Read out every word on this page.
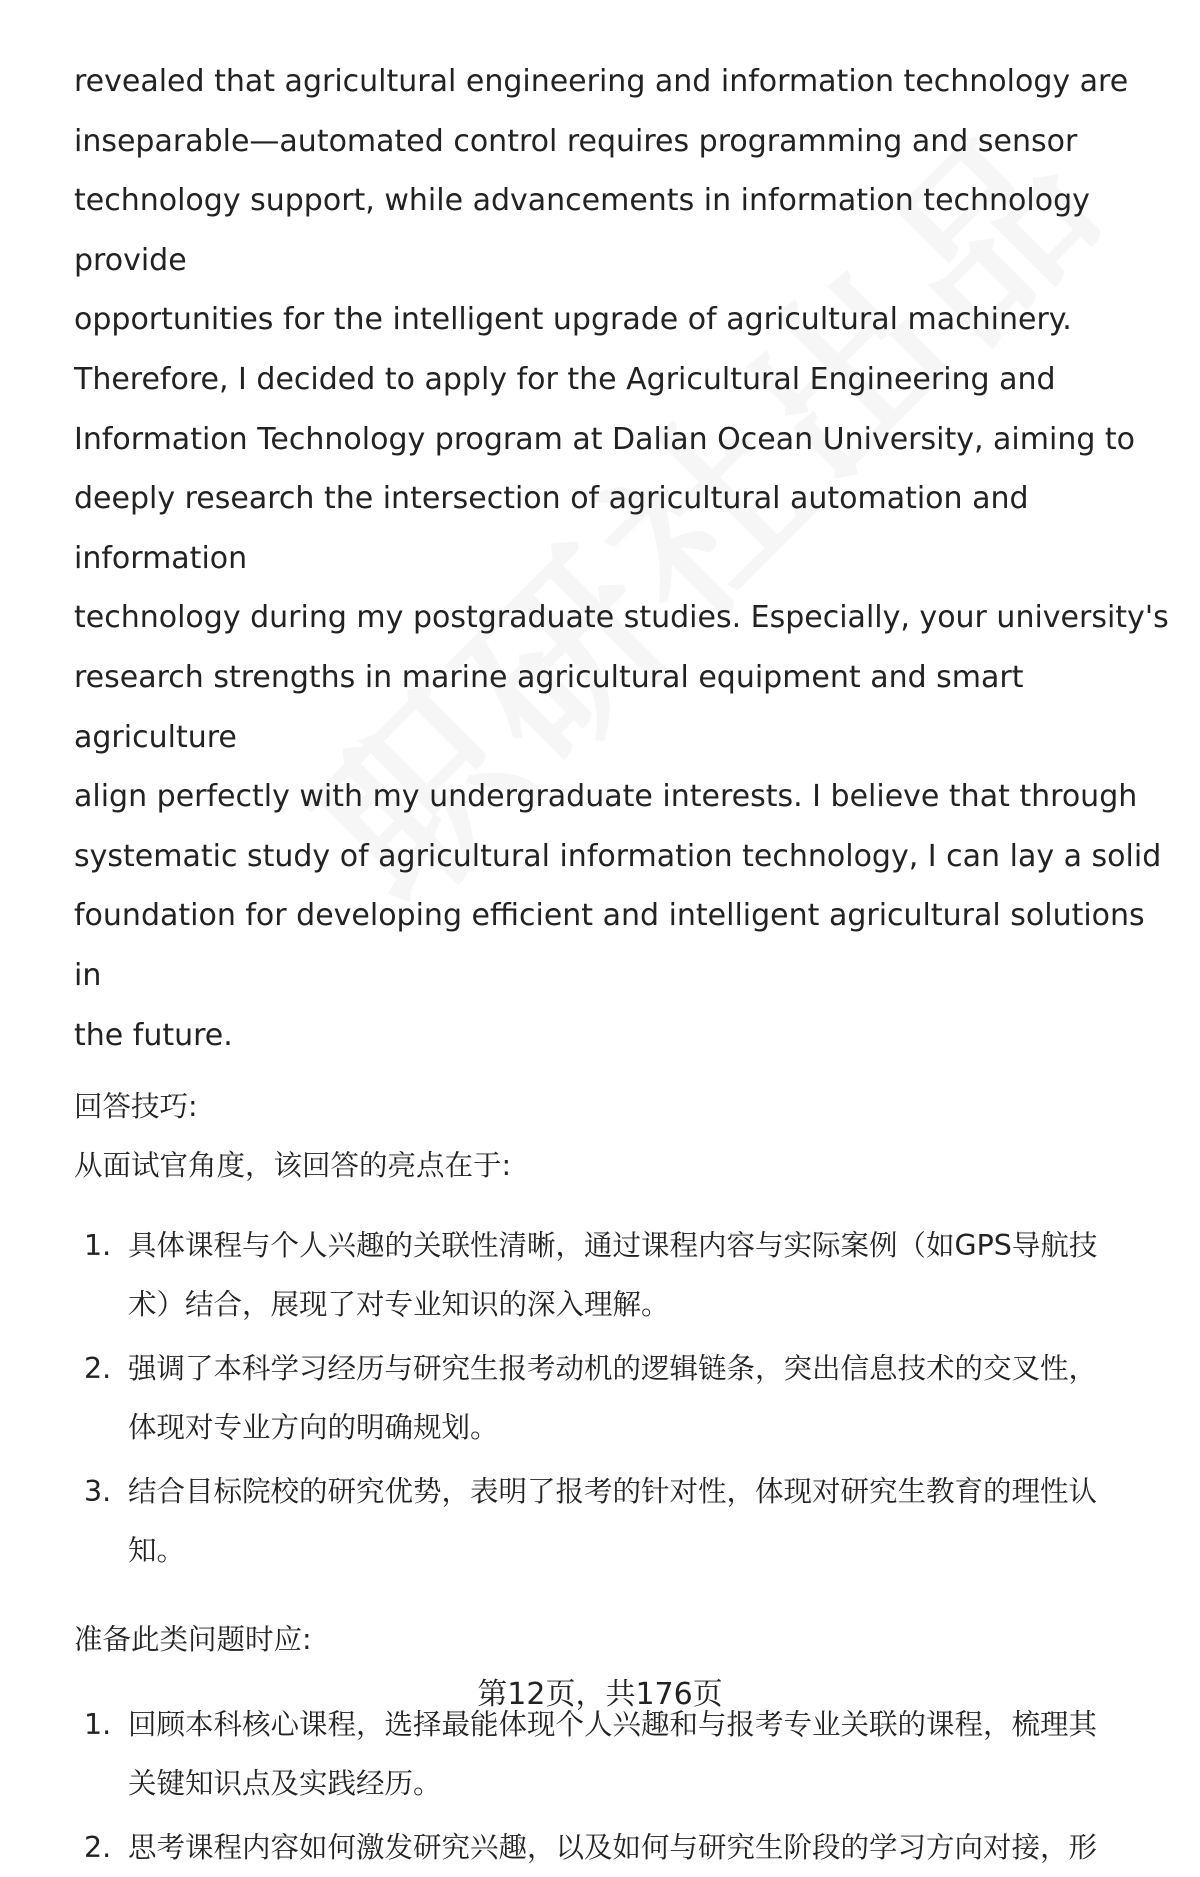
revealed that agricultural engineering and information technology are
inseparable—automated control requires programming and sensor
technology support, while advancements in information technology provide
opportunities for the intelligent upgrade of agricultural machinery.
Therefore, I decided to apply for the Agricultural Engineering and
Information Technology program at Dalian Ocean University, aiming to
deeply research the intersection of agricultural automation and information
technology during my postgraduate studies. Especially, your university's
research strengths in marine agricultural equipment and smart agriculture
align perfectly with my undergraduate interests. I believe that through
systematic study of agricultural information technology, I can lay a solid
foundation for developing efficient and intelligent agricultural solutions in
the future.

回答技巧:

从面试官角度，该回答的亮点在于:

1. 具体课程与个人兴趣的关联性清晰，通过课程内容与实际案例（如GPS导航技
术）结合，展现了对专业知识的深入理解。
2. 强调了本科学习经历与研究生报考动机的逻辑链条，突出信息技术的交叉性，
体现对专业方向的明确规划。
3. 结合目标院校的研究优势，表明了报考的针对性，体现对研究生教育的理性认
知。

准备此类问题时应:

1. 回顾本科核心课程，选择最能体现个人兴趣和与报考专业关联的课程，梳理其
关键知识点及实践经历。
2. 思考课程内容如何激发研究兴趣，以及如何与研究生阶段的学习方向对接，形
第12页，共176页
